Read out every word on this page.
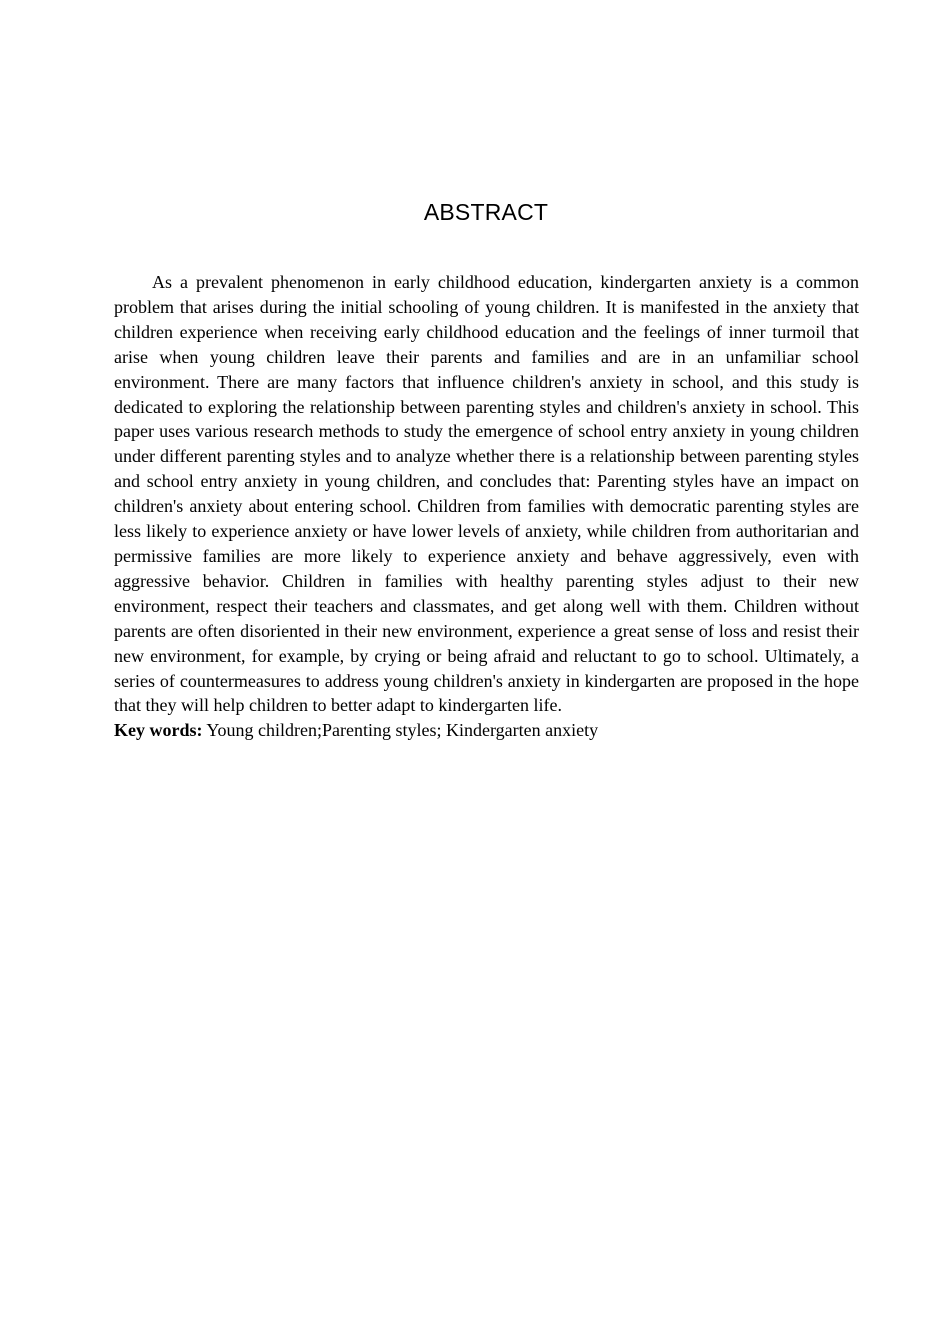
ABSTRACT

As a prevalent phenomenon in early childhood education, kindergarten anxiety is a common problem that arises during the initial schooling of young children. It is manifested in the anxiety that children experience when receiving early childhood education and the feelings of inner turmoil that arise when young children leave their parents and families and are in an unfamiliar school environment. There are many factors that influence children's anxiety in school, and this study is dedicated to exploring the relationship between parenting styles and children's anxiety in school. This paper uses various research methods to study the emergence of school entry anxiety in young children under different parenting styles and to analyze whether there is a relationship between parenting styles and school entry anxiety in young children, and concludes that: Parenting styles have an impact on children's anxiety about entering school. Children from families with democratic parenting styles are less likely to experience anxiety or have lower levels of anxiety, while children from authoritarian and permissive families are more likely to experience anxiety and behave aggressively, even with aggressive behavior. Children in families with healthy parenting styles adjust to their new environment, respect their teachers and classmates, and get along well with them. Children without parents are often disoriented in their new environment, experience a great sense of loss and resist their new environment, for example, by crying or being afraid and reluctant to go to school. Ultimately, a series of countermeasures to address young children's anxiety in kindergarten are proposed in the hope that they will help children to better adapt to kindergarten life.

Key words: Young children;Parenting styles; Kindergarten anxiety
